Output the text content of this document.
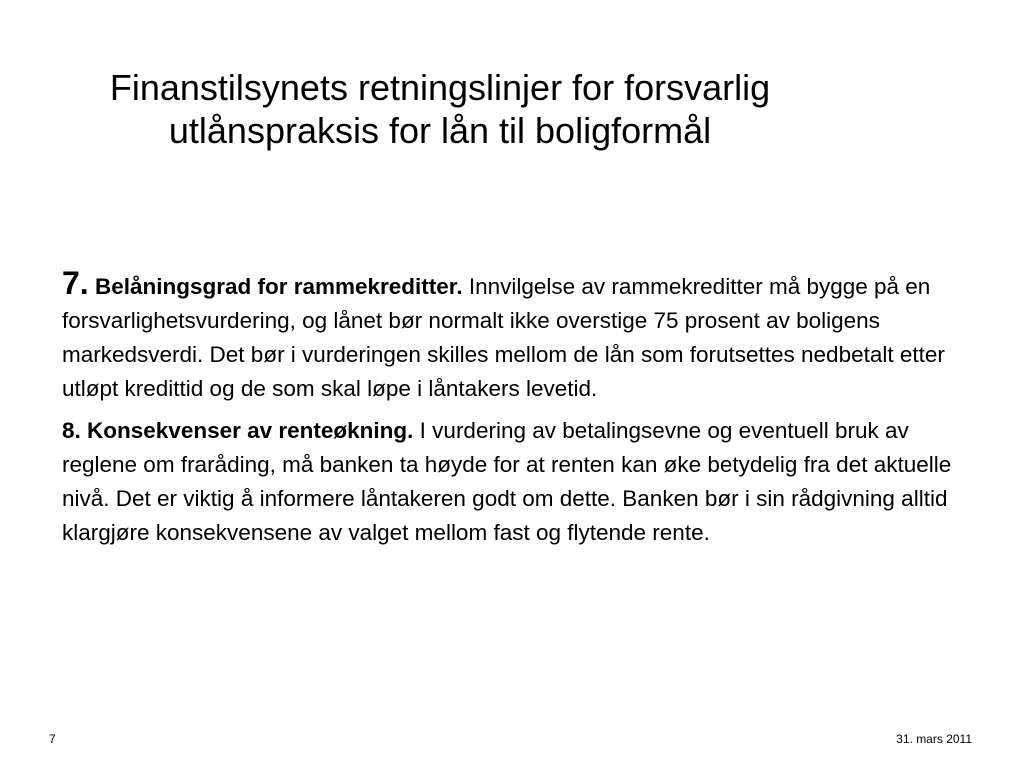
Finanstilsynets retningslinjer for forsvarlig utlånspraksis for lån til boligformål

7. Belåningsgrad for rammekreditter. Innvilgelse av rammekreditter må bygge på en forsvarlighetsvurdering, og lånet bør normalt ikke overstige 75 prosent av boligens markedsverdi. Det bør i vurderingen skilles mellom de lån som forutsettes nedbetalt etter utløpt kredittid og de som skal løpe i låntakers levetid.

8. Konsekvenser av renteøkning. I vurdering av betalingsevne og eventuell bruk av reglene om fraråding, må banken ta høyde for at renten kan øke betydelig fra det aktuelle nivå. Det er viktig å informere låntakeren godt om dette. Banken bør i sin rådgivning alltid klargjøre konsekvensene av valget mellom fast og flytende rente.

7	31. mars 2011
